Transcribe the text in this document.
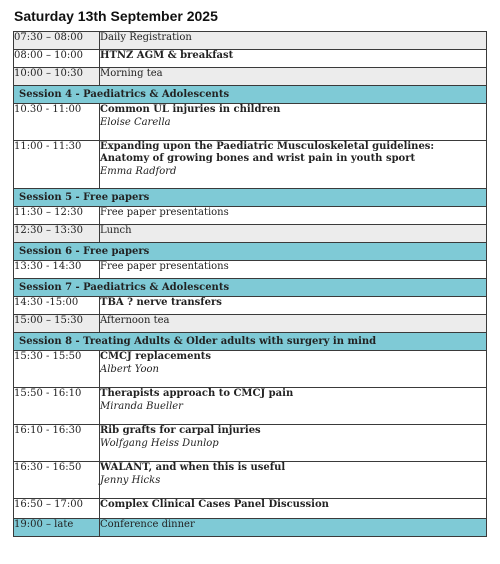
Saturday 13th September 2025
07:30 – 08:00	Daily Registration

08:00 – 10:00	HTNZ AGM & breakfast

10:00 – 10:30	Morning tea

Session 4 - Paediatrics & Adolescents	
10.30 - 11:00	Common UL injuries in children
Eloise Carella

11:00 - 11:30	Expanding upon the Paediatric Musculoskeletal guidelines:
Anatomy of growing bones and wrist pain in youth sport
Emma Radford

Session 5 - Free papers	
11:30 – 12:30	Free paper presentations

12:30 – 13:30	Lunch

Session 6 - Free papers	
13:30 - 14:30	Free paper presentations

Session 7 - Paediatrics & Adolescents	
14:30 -15:00	TBA ? nerve transfers

15:00 – 15:30	Afternoon tea

Session 8 - Treating Adults & Older adults with surgery in mind	
15:30 - 15:50	CMCJ replacements
Albert Yoon

15:50 - 16:10	Therapists approach to CMCJ pain
Miranda Bueller

16:10 - 16:30	Rib grafts for carpal injuries
Wolfgang Heiss Dunlop

16:30 - 16:50	WALANT, and when this is useful
Jenny Hicks

16:50 – 17:00	Complex Clinical Cases Panel Discussion

19:00 – late	Conference dinner
